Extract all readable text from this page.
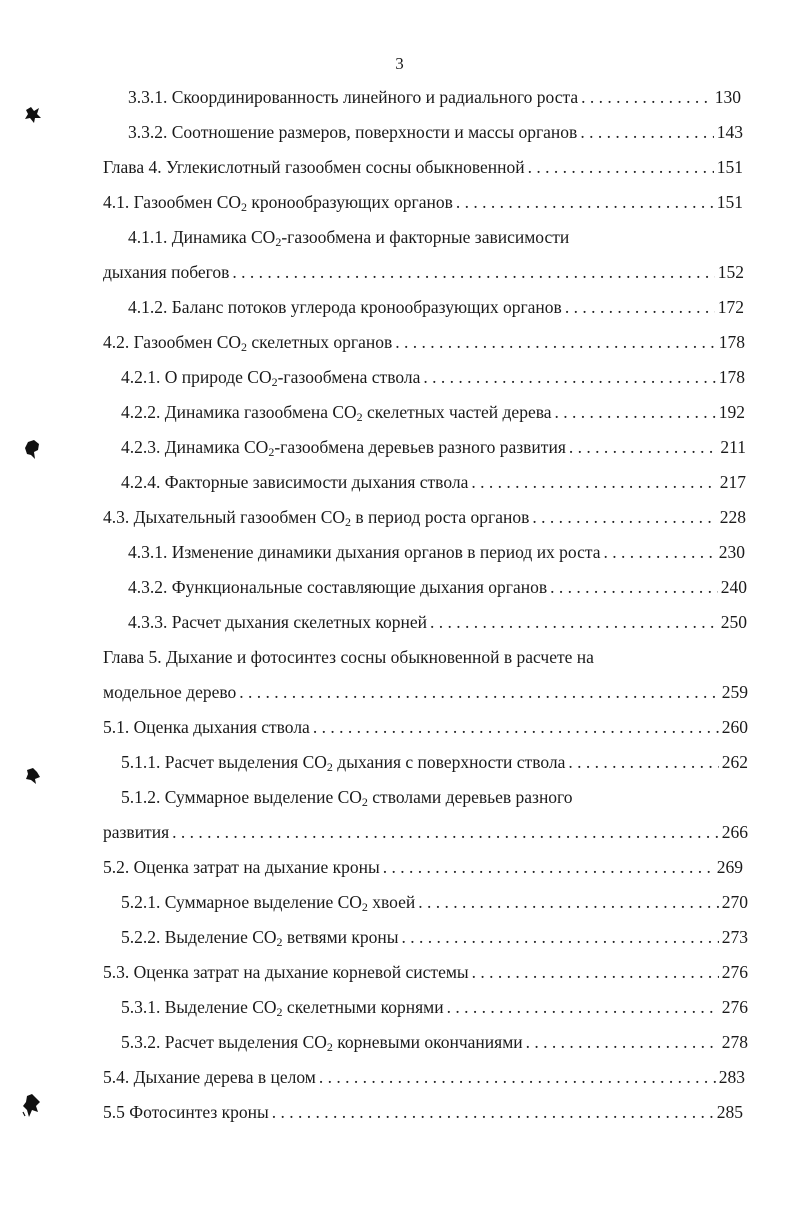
3
3.3.1. Скоординированность линейного и радиального роста . . .	130
3.3.2. Соотношение размеров, поверхности и массы органов . . .	143
Глава 4. Углекислотный газообмен сосны обыкновенной . . .	151
4.1. Газообмен $CO_2$ кронообразующих органов . . .	151
4.1.1. Динамика $CO_2$-газообмена и факторные зависимости
дыхания побегов . . .	152
4.1.2. Баланс потоков углерода кронообразующих органов . . .	172
4.2. Газообмен $CO_2$ скелетных органов . . .	178
4.2.1. О природе $CO_2$-газообмена ствола . . .	178
4.2.2. Динамика газообмена $CO_2$ скелетных частей дерева . . .	192
4.2.3. Динамика $CO_2$-газообмена деревьев разного развития . . .	211
4.2.4. Факторные зависимости дыхания ствола . . .	217
4.3. Дыхательный газообмен $CO_2$ в период роста органов . . .	228
4.3.1. Изменение динамики дыхания органов в период их роста . . .	230
4.3.2. Функциональные составляющие дыхания органов . . .	240
4.3.3. Расчет дыхания скелетных корней . . .	250
Глава 5. Дыхание и фотосинтез сосны обыкновенной в расчете на
модельное дерево . . .	259
5.1. Оценка дыхания ствола . . .	260
5.1.1. Расчет выделения $CO_2$ дыхания с поверхности ствола . . .	262
5.1.2. Суммарное выделение $CO_2$ стволами деревьев разного
развития . . .	266
5.2. Оценка затрат на дыхание кроны . . .	269
5.2.1. Суммарное выделение $CO_2$ хвоей . . .	270
5.2.2. Выделение $CO_2$ ветвями кроны . . .	273
5.3. Оценка затрат на дыхание корневой системы . . .	276
5.3.1. Выделение $CO_2$ скелетными корнями . . .	276
5.3.2. Расчет выделения $CO_2$ корневыми окончаниями . . .	278
5.4. Дыхание дерева в целом . . .	283
5.5 Фотосинтез кроны . . .	285
